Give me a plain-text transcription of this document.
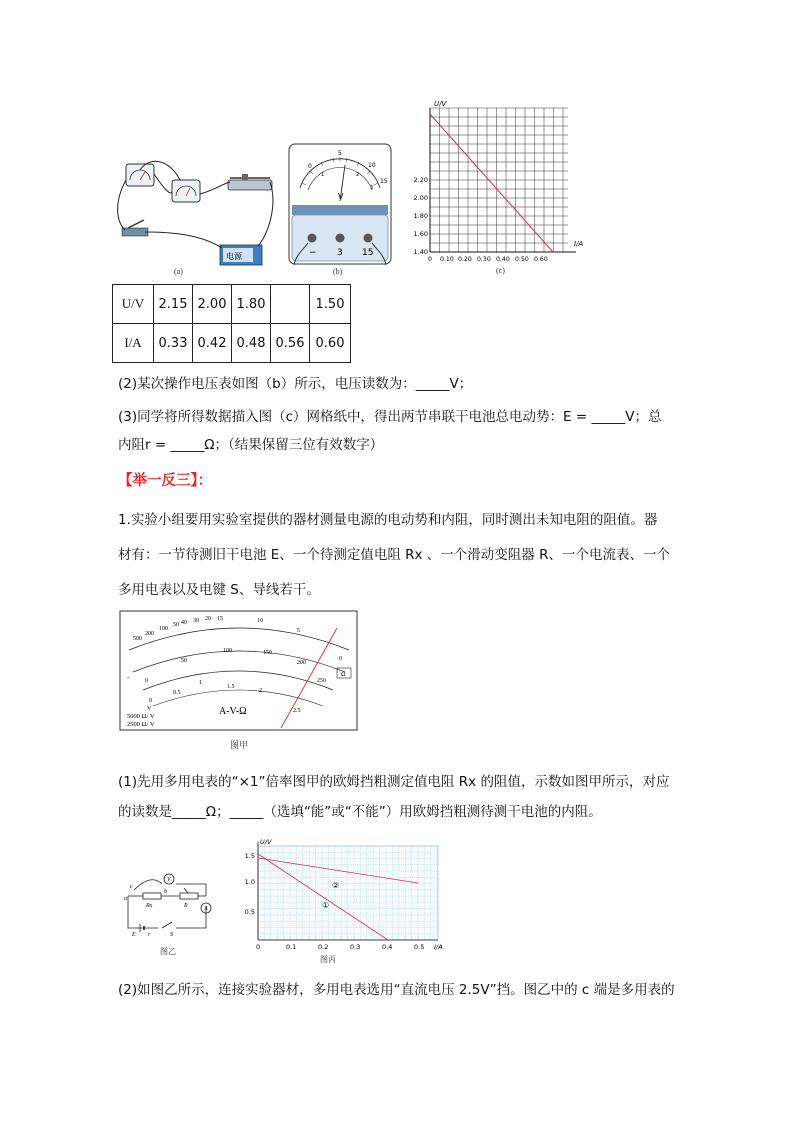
电源
(a)
0
5
10
15
1	2
3
V
− 3 15
(b)
U/V
I/A
2.20
2.00
1.80
1.60
1.40
0 0.10 0.20 0.30 0.40 0.50 0.60
(c)
U/V	2.15	2.00	1.80		1.50
I/A	0.33	0.42	0.48	0.56	0.60
(2)某次操作电压表如图（b）所示，电压读数为：_____V；
(3)同学将所得数据描入图（c）网格纸中，得出两节串联干电池总电动势：E = _____V；总
内阻r = _____Ω；（结果保留三位有效数字）
【举一反三】：
1.实验小组要用实验室提供的器材测量电源的电动势和内阻，同时测出未知电阻的阻值。器
材有：一节待测旧干电池 E、一个待测定值电阻 Rx 、一个滑动变阻器 R、一个电流表、一个
多用电表以及电键 S、导线若干。
500
200
100
50 40 30 20 15	10
5
0
0
50
100	150
200
250
0
0.5
1
1.5
2
2.5
V
~
Ω
A-V-Ω
5000 Ω/ V
2500 Ω/ V
图甲
(1)先用多用电表的“×1”倍率图甲的欧姆挡粗测定值电阻 Rx 的阻值，示数如图甲所示，对应
的读数是_____Ω；_____（选填“能”或“不能”）用欧姆挡粗测待测干电池的内阻。
c
a
Rx
b
R
V
A
E r	S
图乙
①
②
U/V
I/A
1.5
1.0
0.5
0	0.1	0.2	0.3	0.4	0.5
图丙
(2)如图乙所示，连接实验器材，多用电表选用“直流电压 2.5V”挡。图乙中的 c 端是多用表的
